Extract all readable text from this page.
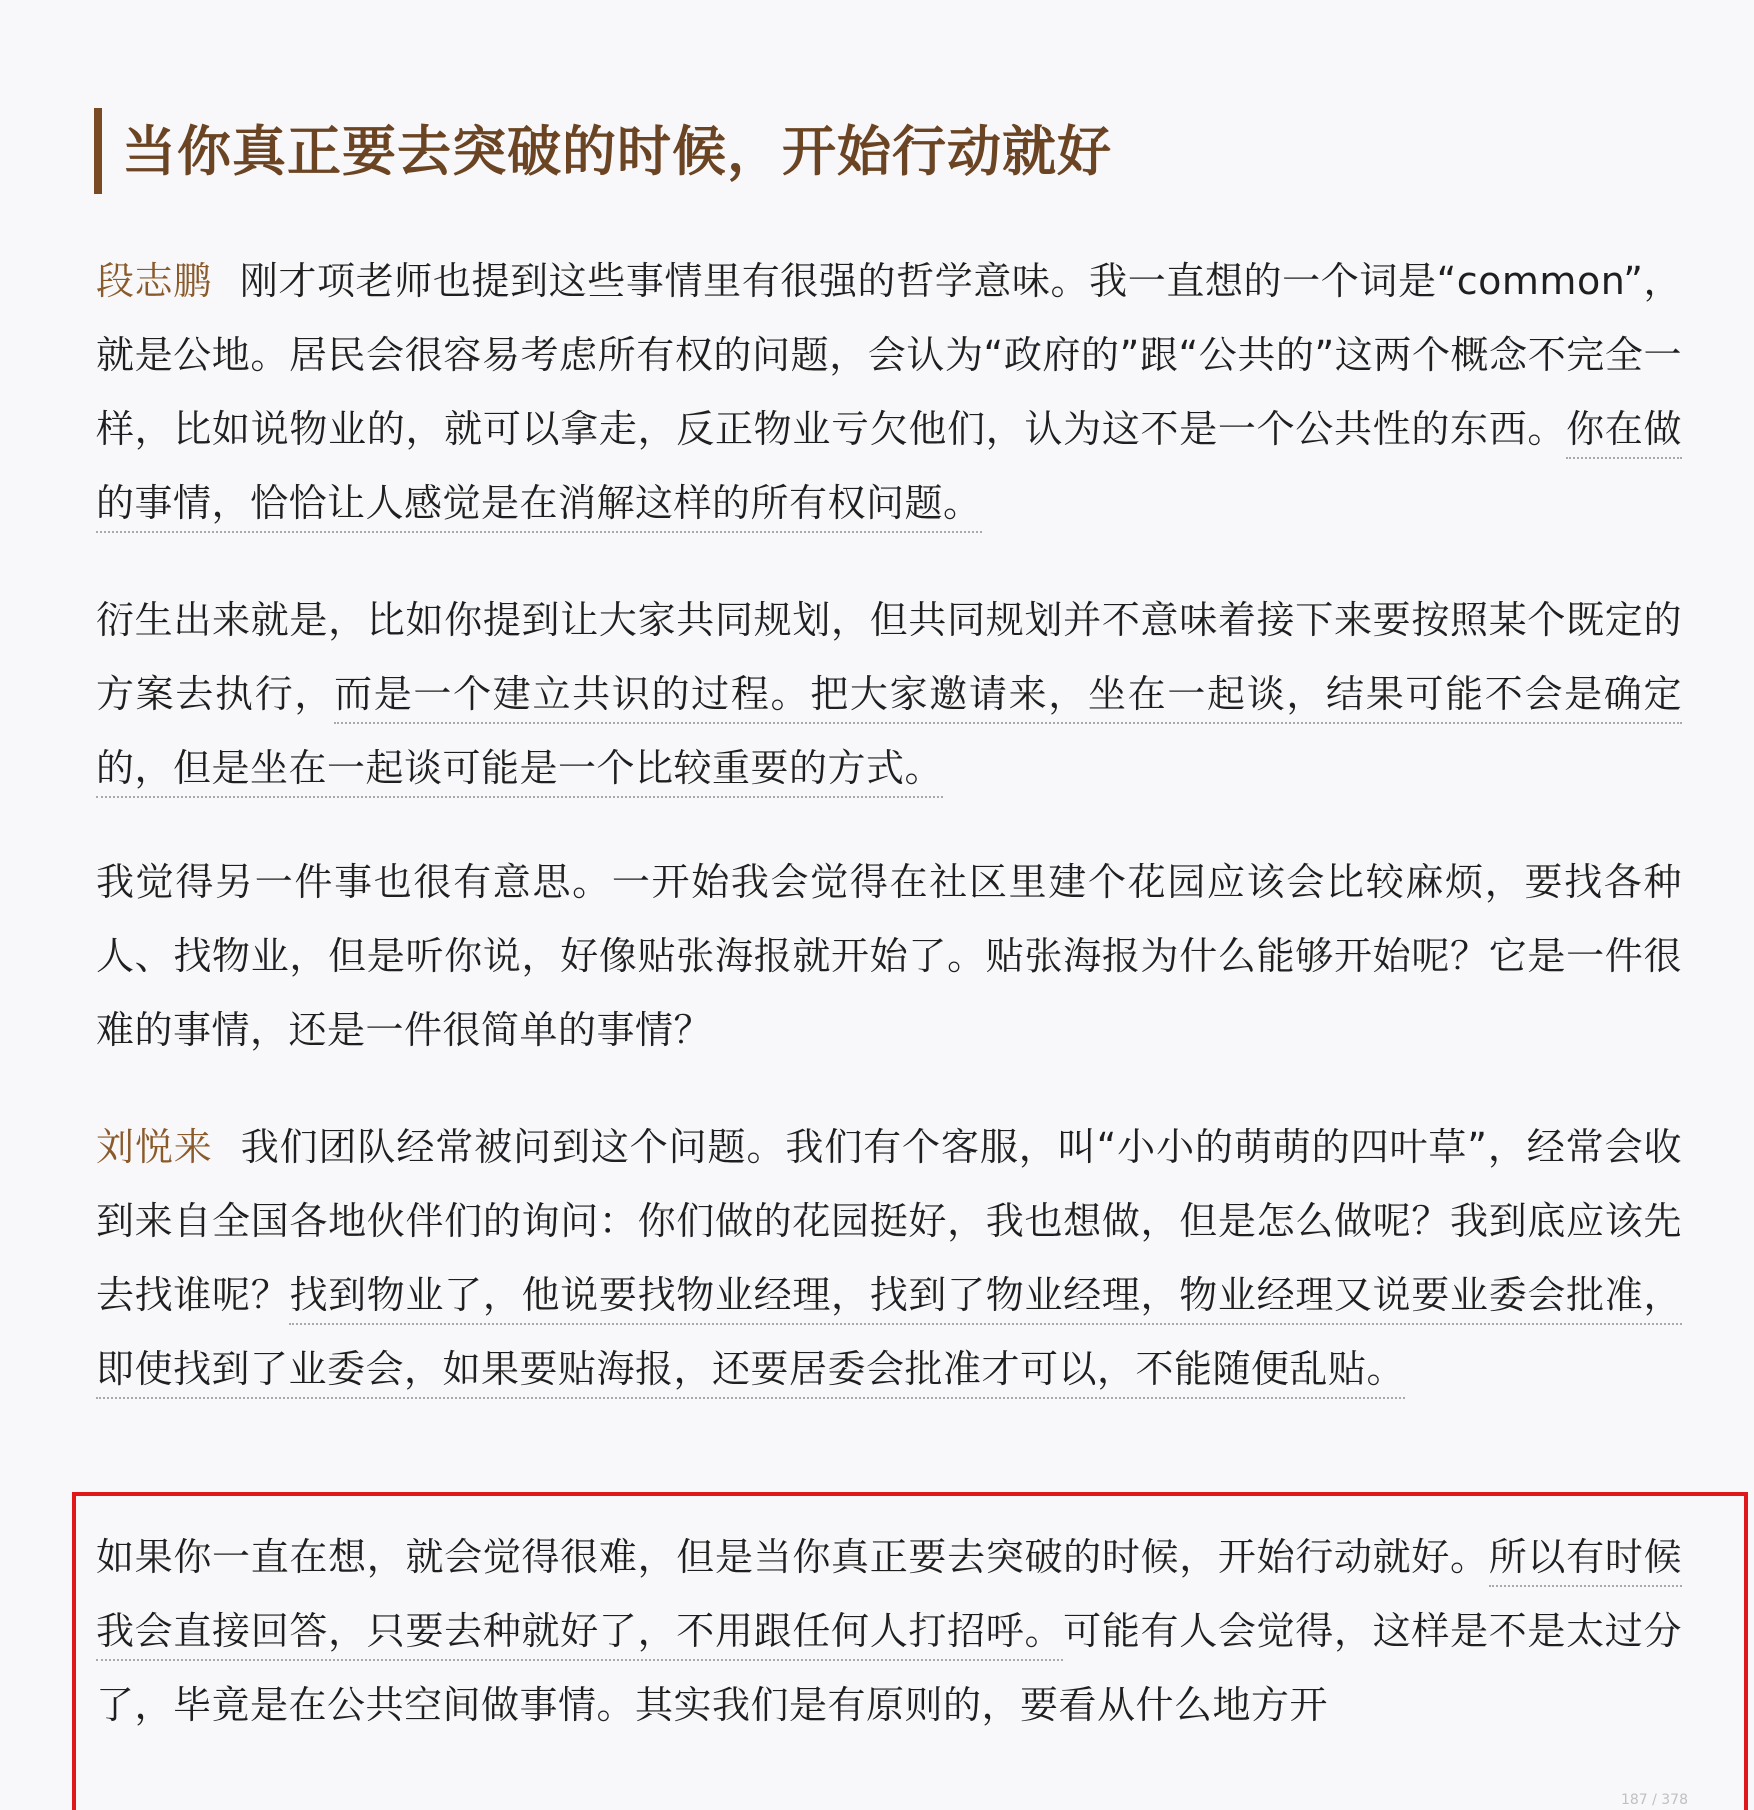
当你真正要去突破的时候，开始行动就好

段志鹏 刚才项老师也提到这些事情里有很强的哲学意味。我一直想的一个词是“common”，就是公地。居民会很容易考虑所有权的问题，会认为“政府的”跟“公共的”这两个概念不完全一样，比如说物业的，就可以拿走，反正物业亏欠他们，认为这不是一个公共性的东西。你在做的事情，恰恰让人感觉是在消解这样的所有权问题。

衍生出来就是，比如你提到让大家共同规划，但共同规划并不意味着接下来要按照某个既定的方案去执行，而是一个建立共识的过程。把大家邀请来，坐在一起谈，结果可能不会是确定的，但是坐在一起谈可能是一个比较重要的方式。

我觉得另一件事也很有意思。一开始我会觉得在社区里建个花园应该会比较麻烦，要找各种人、找物业，但是听你说，好像贴张海报就开始了。贴张海报为什么能够开始呢？它是一件很难的事情，还是一件很简单的事情？

刘悦来 我们团队经常被问到这个问题。我们有个客服，叫“小小的萌萌的四叶草”，经常会收到来自全国各地伙伴们的询问：你们做的花园挺好，我也想做，但是怎么做呢？我到底应该先去找谁呢？找到物业了，他说要找物业经理，找到了物业经理，物业经理又说要业委会批准，即使找到了业委会，如果要贴海报，还要居委会批准才可以，不能随便乱贴。

如果你一直在想，就会觉得很难，但是当你真正要去突破的时候，开始行动就好。所以有时候我会直接回答，只要去种就好了，不用跟任何人打招呼。可能有人会觉得，这样是不是太过分了，毕竟是在公共空间做事情。其实我们是有原则的，要看从什么地方开

187 / 378
